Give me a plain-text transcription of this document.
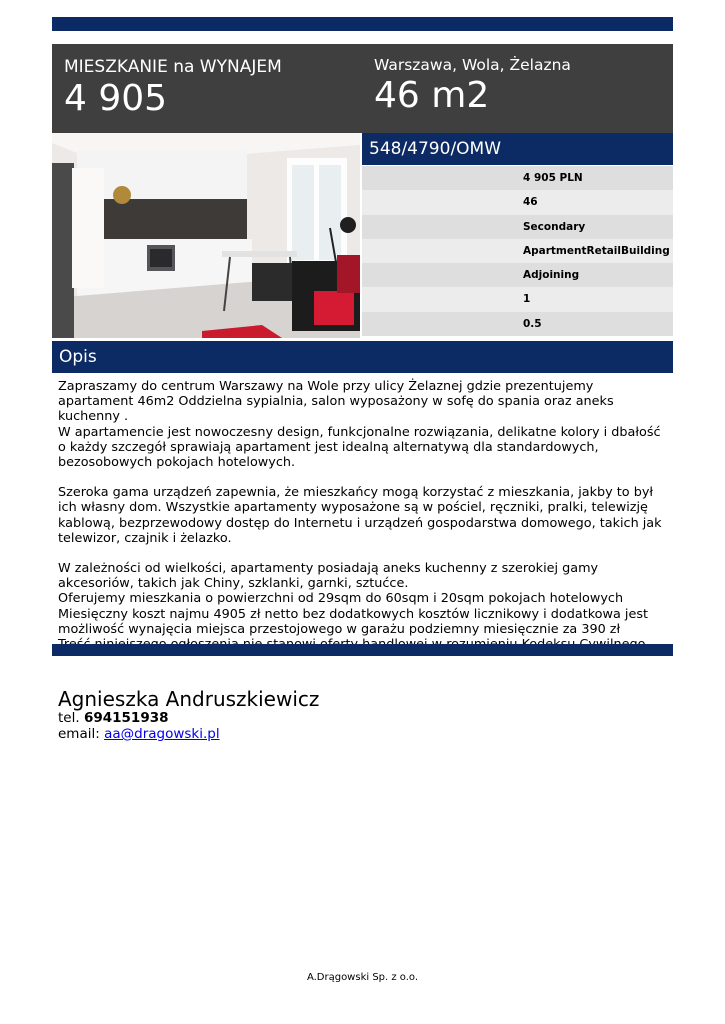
MIESZKANIE na WYNAJEM
4 905
Warszawa, Wola, Żelazna
46 m2
548/4790/OMW
4 905 PLN
46
Secondary
ApartmentRetailBuilding
Adjoining
1
0.5
Opis

Zapraszamy do centrum Warszawy na Wole przy ulicy Żelaznej gdzie prezentujemy apartament 46m2 Oddzielna sypialnia, salon wyposażony w sofę do spania oraz aneks kuchenny .
W apartamencie jest nowoczesny design, funkcjonalne rozwiązania, delikatne kolory i dbałość o każdy szczegół sprawiają apartament jest idealną alternatywą dla standardowych, bezosobowych pokojach hotelowych.

Szeroka gama urządzeń zapewnia, że mieszkańcy mogą korzystać z mieszkania, jakby to był ich własny dom. Wszystkie apartamenty wyposażone są w pościel, ręczniki, pralki, telewizję kablową, bezprzewodowy dostęp do Internetu i urządzeń gospodarstwa domowego, takich jak telewizor, czajnik i żelazko.

W zależności od wielkości, apartamenty posiadają aneks kuchenny z szerokiej gamy akcesoriów, takich jak Chiny, szklanki, garnki, sztućce.
Oferujemy mieszkania o powierzchni od 29sqm do 60sqm i 20sqm pokojach hotelowych
Miesięczny koszt najmu 4905 zł netto bez dodatkowych kosztów licznikowy i dodatkowa jest możliwość wynajęcia miejsca przestojowego w garażu podziemny miesięcznie za 390 zł

Agnieszka Andruszkiewicz
tel. 694151938
email: aa@dragowski.pl
A.Drągowski Sp. z o.o.
